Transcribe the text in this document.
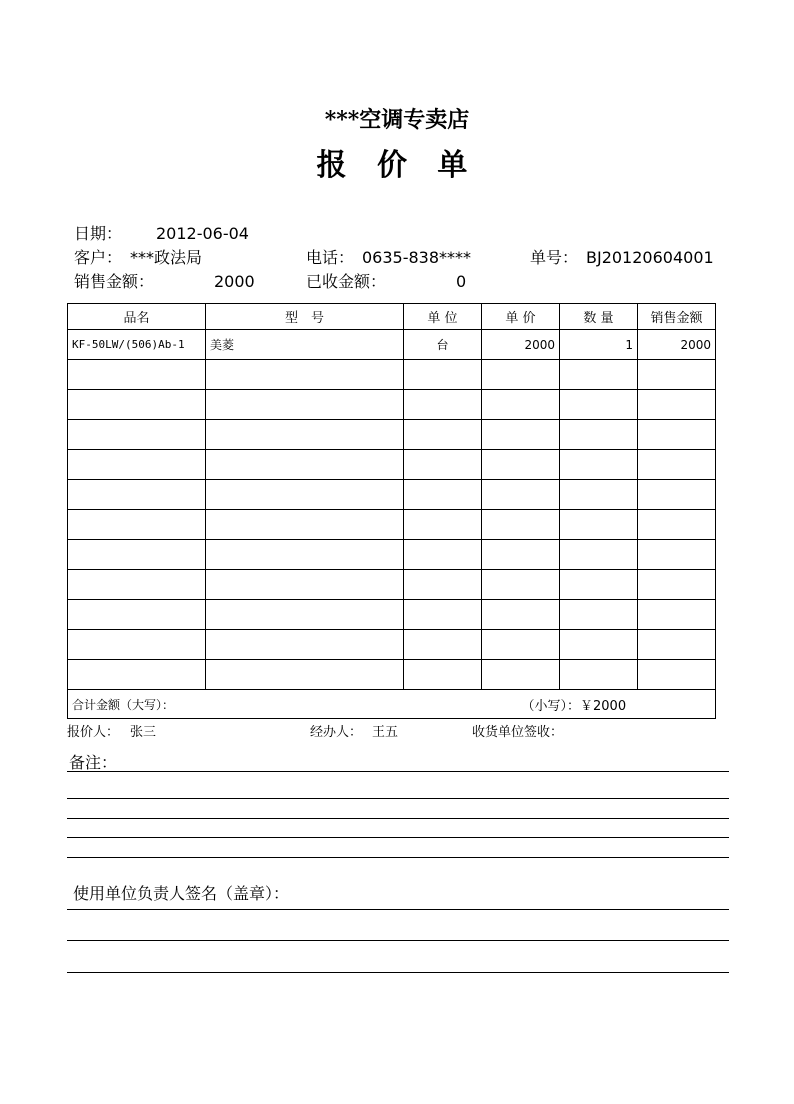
***空调专卖店
报 价 单
日期： 2012-06-04
客户： ***政法局	电话： 0635-838****	单号： BJ20120604001
销售金额：	2000	已收金额：	0
品名	型　号	单 位	单 价	数 量	销售金额
KF-50LW/(506)Ab-1	美菱	台	2000	1	2000

合计金额（大写）：				（小写）：￥2000	
报价人： 张三	经办人： 王五	收货单位签收：
备注：
使用单位负责人签名（盖章）：
